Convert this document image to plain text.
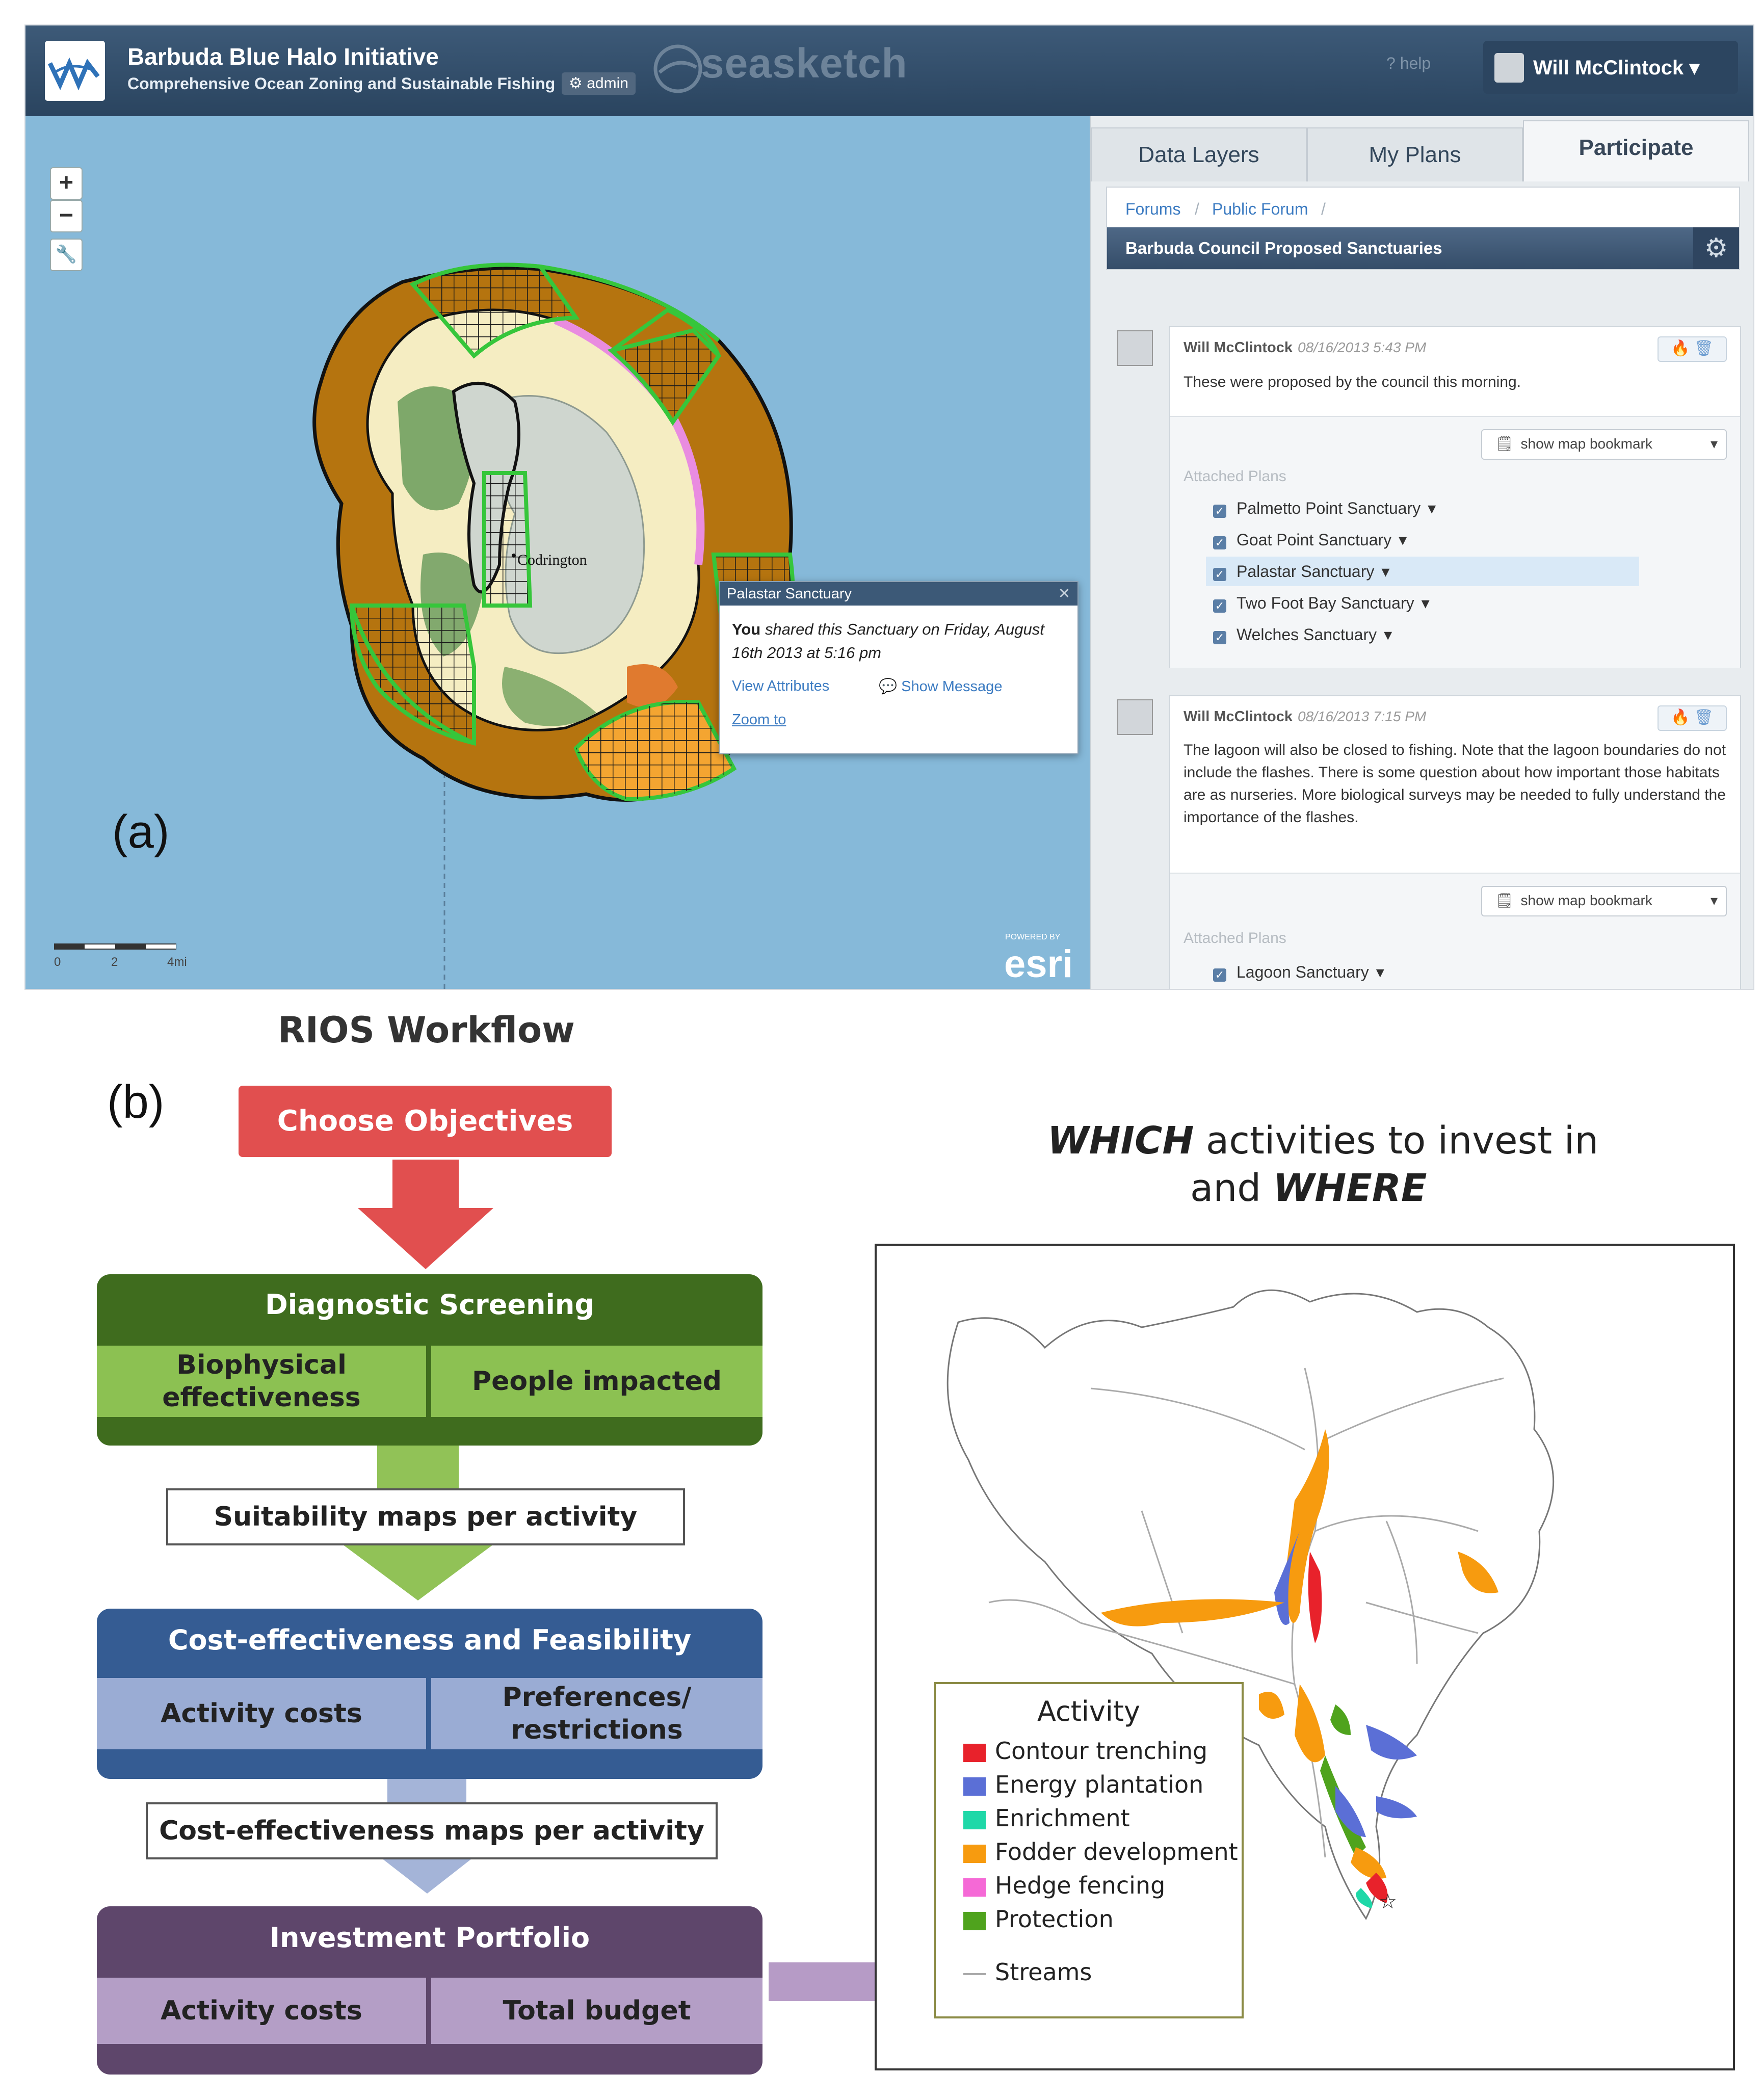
Barbuda Blue Halo Initiative
Comprehensive Ocean Zoning and Sustainable Fishing ⚙ admin seasketch	? help	Will McClintock ▾
Codrington
+
−
🔧
0	2	4mi
POWERED BY
esri
(a)
Palastar Sanctuary	✕
You shared this Sanctuary on Friday, August 16th 2013 at 5:16 pm
View Attributes	💬 Show Message
Zoom to
Data Layers	My Plans	Participate
Forums / Public Forum /
Barbuda Council Proposed Sanctuaries	⚙
Will McClintock 08/16/2013 5:43 PM	🔥 🗑
These were proposed by the council this morning.
🗒 show map bookmark	▾
Attached Plans
✓ Palmetto Point Sanctuary ▾
✓ Goat Point Sanctuary ▾
✓ Palastar Sanctuary ▾
✓ Two Foot Bay Sanctuary ▾
✓ Welches Sanctuary ▾
Will McClintock 08/16/2013 7:15 PM	🔥 🗑
The lagoon will also be closed to fishing. Note that the lagoon boundaries do not include the flashes. There is some question about how important those habitats are as nurseries. More biological surveys may be needed to fully understand the importance of the flashes.
🗒 show map bookmark	▾
Attached Plans
✓ Lagoon Sanctuary ▾
RIOS Workflow
(b)	Choose Objectives
Diagnostic Screening
Biophysical effectiveness
People impacted
Suitability maps per activity
Cost-effectiveness and Feasibility
Activity costs
Preferences/
restrictions
Cost-effectiveness maps per activity
Investment Portfolio
Activity costs	Total budget
WHICH activities to invest in
and WHERE
☆
Activity
Contour trenching
Energy plantation
Enrichment
Fodder development
Hedge fencing
Protection
Streams
